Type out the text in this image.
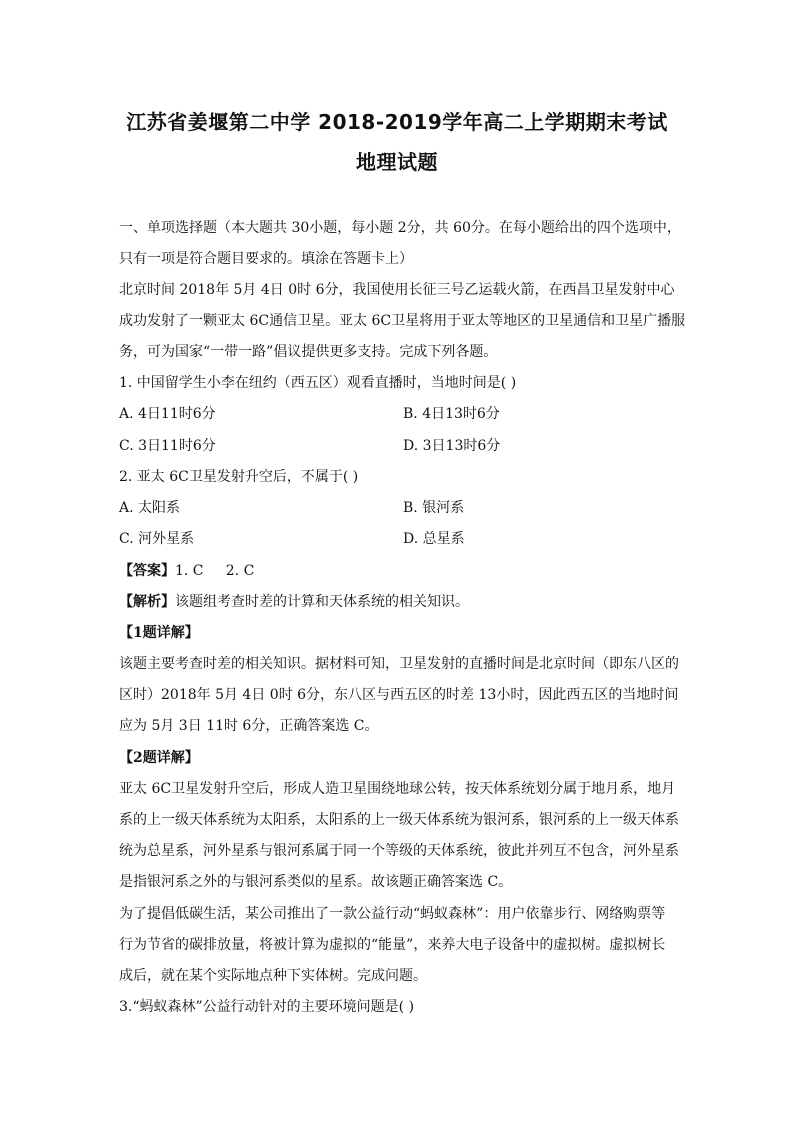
江苏省姜堰第二中学 2018-2019学年高二上学期期末考试
地理试题
一、单项选择题（本大题共 30小题，每小题 2分，共 60分。在每小题给出的四个选项中，
只有一项是符合题目要求的。填涂在答题卡上）
北京时间 2018年 5月 4日 0时 6分，我国使用长征三号乙运载火箭，在西昌卫星发射中心
成功发射了一颗亚太 6C通信卫星。亚太 6C卫星将用于亚太等地区的卫星通信和卫星广播服
务，可为国家“一带一路”倡议提供更多支持。完成下列各题。
1. 中国留学生小李在纽约（西五区）观看直播时，当地时间是( )
A. 4日11时6分	B. 4日13时6分
C. 3日11时6分	D. 3日13时6分
2. 亚太 6C卫星发射升空后，不属于( )
A. 太阳系	B. 银河系
C. 河外星系	D. 总星系
【答案】1. C     2. C
【解析】该题组考查时差的计算和天体系统的相关知识。
【1题详解】
该题主要考查时差的相关知识。据材料可知，卫星发射的直播时间是北京时间（即东八区的
区时）2018年 5月 4日 0时 6分，东八区与西五区的时差 13小时，因此西五区的当地时间
应为 5月 3日 11时 6分，正确答案选 C。
【2题详解】
亚太 6C卫星发射升空后，形成人造卫星围绕地球公转，按天体系统划分属于地月系，地月
系的上一级天体系统为太阳系，太阳系的上一级天体系统为银河系，银河系的上一级天体系
统为总星系，河外星系与银河系属于同一个等级的天体系统，彼此并列互不包含，河外星系
是指银河系之外的与银河系类似的星系。故该题正确答案选 C。
为了提倡低碳生活，某公司推出了一款公益行动“蚂蚁森林”：用户依靠步行、网络购票等
行为节省的碳排放量，将被计算为虚拟的“能量”，来养大电子设备中的虚拟树。虚拟树长
成后，就在某个实际地点种下实体树。完成问题。
3.“蚂蚁森林”公益行动针对的主要环境问题是( )
